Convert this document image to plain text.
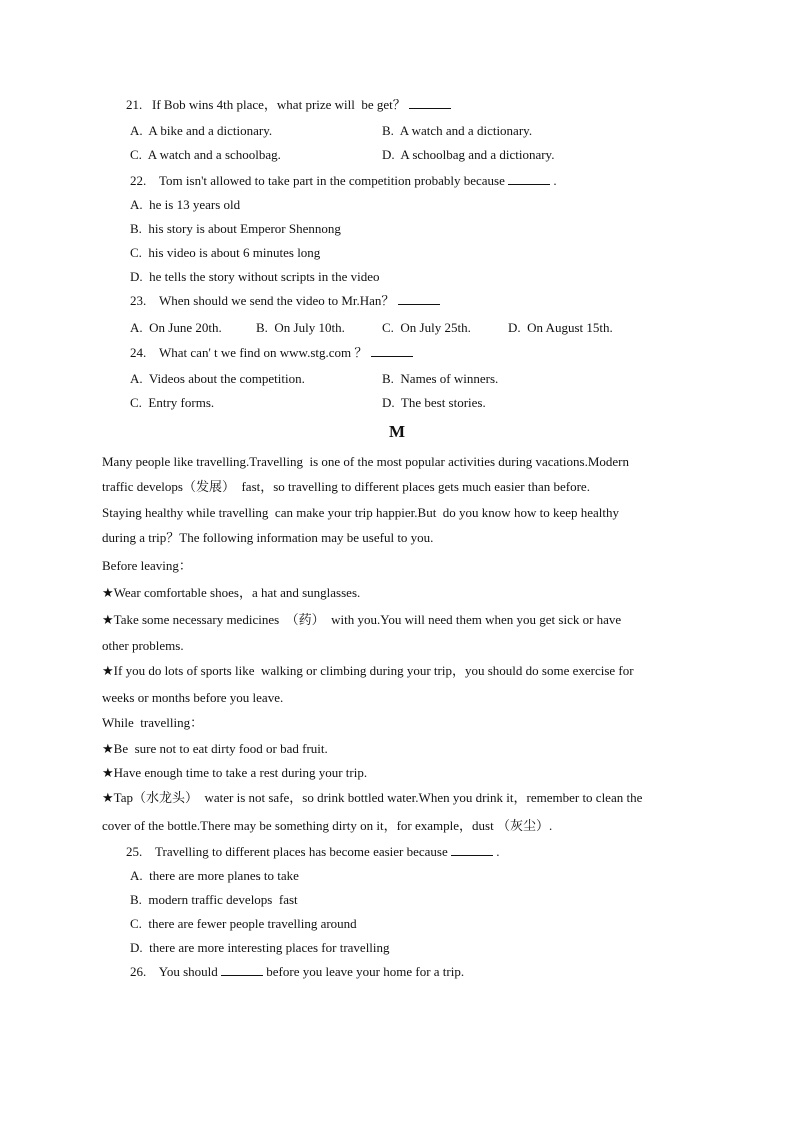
21.   If Bob wins 4th place，what prize will  be get？
A.  A bike and a dictionary.	B.  A watch and a dictionary.
C.  A watch and a schoolbag.	D.  A schoolbag and a dictionary.
22.    Tom isn't allowed to take part in the competition probably because	.
A.  he is 13 years old
B.  his story is about Emperor Shennong
C.  his video is about 6 minutes long
D.  he tells the story without scripts in the video
23.    When should we send the video to Mr.Han？
A.  On June 20th.	B.  On July 10th.	C.  On July 25th.	D.  On August 15th.
24.    What can' t we find on www.stg.com ？
A.  Videos about the competition.	B.  Names of winners.
C.  Entry forms.	D.  The best stories.
M
Many people like travelling.Travelling  is one of the most popular activities during vacations.Modern
traffic develops（发展）  fast，so travelling to different places gets much easier than before.
Staying healthy while travelling  can make your trip happier.But  do you know how to keep healthy
during a trip？The following information may be useful to you.
Before leaving：
★Wear comfortable shoes，a hat and sunglasses.
★Take some necessary medicines  （药）  with you.You will need them when you get sick or have
other problems.
★If you do lots of sports like  walking or climbing during your trip，you should do some exercise for
weeks or months before you leave.
While  travelling：
★Be  sure not to eat dirty food or bad fruit.
★Have enough time to take a rest during your trip.
★Tap（水龙头）  water is not safe，so drink bottled water.When you drink it，remember to clean the
cover of the bottle.There may be something dirty on it，for example，dust （灰尘）.
25.    Travelling to different places has become easier because	.
A.  there are more planes to take
B.  modern traffic develops  fast
C.  there are fewer people travelling around
D.  there are more interesting places for travelling
26.    You should	before you leave your home for a trip.
